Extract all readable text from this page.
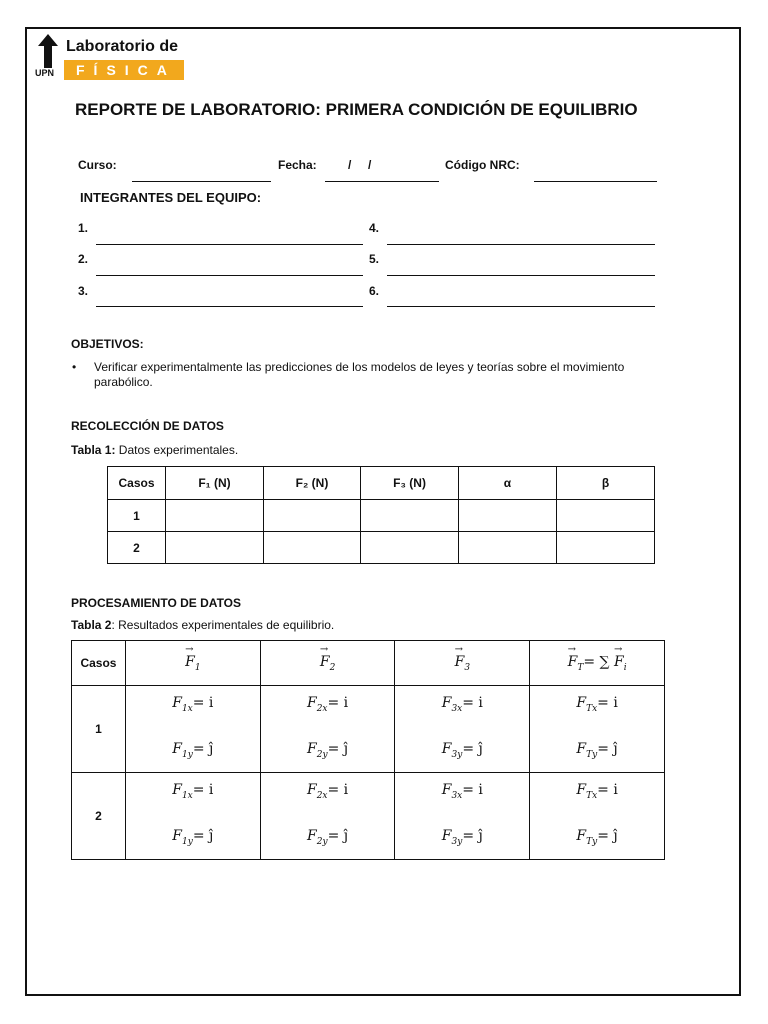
UPN
Laboratorio de
FÍSICA
REPORTE DE LABORATORIO: PRIMERA CONDICIÓN DE EQUILIBRIO
Curso:	Fecha:	/     /	Código NRC:
INTEGRANTES DEL EQUIPO:
1.
2.
3.
4.
5.
6.
OBJETIVOS:
• Verificar experimentalmente las predicciones de los modelos de leyes y teorías sobre el movimiento
parabólico.
RECOLECCIÓN DE DATOS
Tabla 1: Datos experimentales.
Casos	F₁ (N)	F₂ (N)	F₃ (N)	α	β
1					
2					
PROCESAMIENTO DE DATOS
Tabla 2: Resultados experimentales de equilibrio.
Casos	→ $F_1$	→ $F_2$	→ $F_3$	→ $F_T=$ ∑ → $F_i$
1	$F_{1x}= i$
$F_{1y}=$ ĵ	$F_{2x}= i$
$F_{2y}=$ ĵ	$F_{3x}= i$
$F_{3y}=$ ĵ	$F_{Tx}= i$
$F_{Ty}=$ ĵ

2	$F_{1x}= i$
$F_{1y}=$ ĵ	$F_{2x}= i$
$F_{2y}=$ ĵ	$F_{3x}= i$
$F_{3y}=$ ĵ	$F_{Tx}= i$
$F_{Ty}=$ ĵ
